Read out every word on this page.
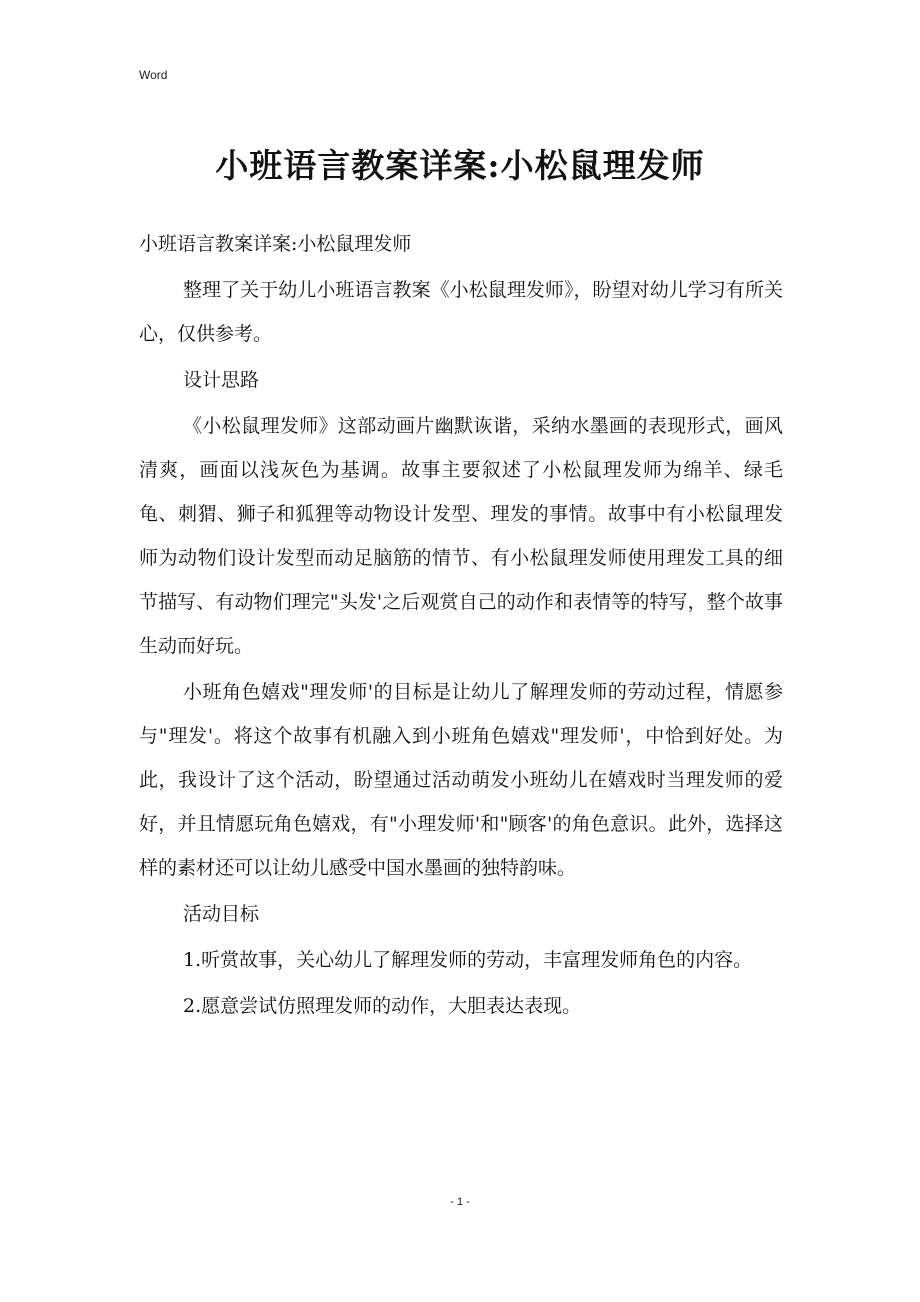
Word
小班语言教案详案:小松鼠理发师

小班语言教案详案:小松鼠理发师

整理了关于幼儿小班语言教案《小松鼠理发师》，盼望对幼儿学习有所关心，仅供参考。

设计思路

《小松鼠理发师》这部动画片幽默诙谐，采纳水墨画的表现形式，画风清爽，画面以浅灰色为基调。故事主要叙述了小松鼠理发师为绵羊、绿毛龟、刺猬、狮子和狐狸等动物设计发型、理发的事情。故事中有小松鼠理发师为动物们设计发型而动足脑筋的情节、有小松鼠理发师使用理发工具的细节描写、有动物们理完"头发'之后观赏自己的动作和表情等的特写，整个故事生动而好玩。

小班角色嬉戏"理发师'的目标是让幼儿了解理发师的劳动过程，情愿参与"理发'。将这个故事有机融入到小班角色嬉戏"理发师'，中恰到好处。为此，我设计了这个活动，盼望通过活动萌发小班幼儿在嬉戏时当理发师的爱好，并且情愿玩角色嬉戏，有"小理发师'和"顾客'的角色意识。此外，选择这样的素材还可以让幼儿感受中国水墨画的独特韵味。

活动目标

1.听赏故事，关心幼儿了解理发师的劳动，丰富理发师角色的内容。

2.愿意尝试仿照理发师的动作，大胆表达表现。

- 1 -
